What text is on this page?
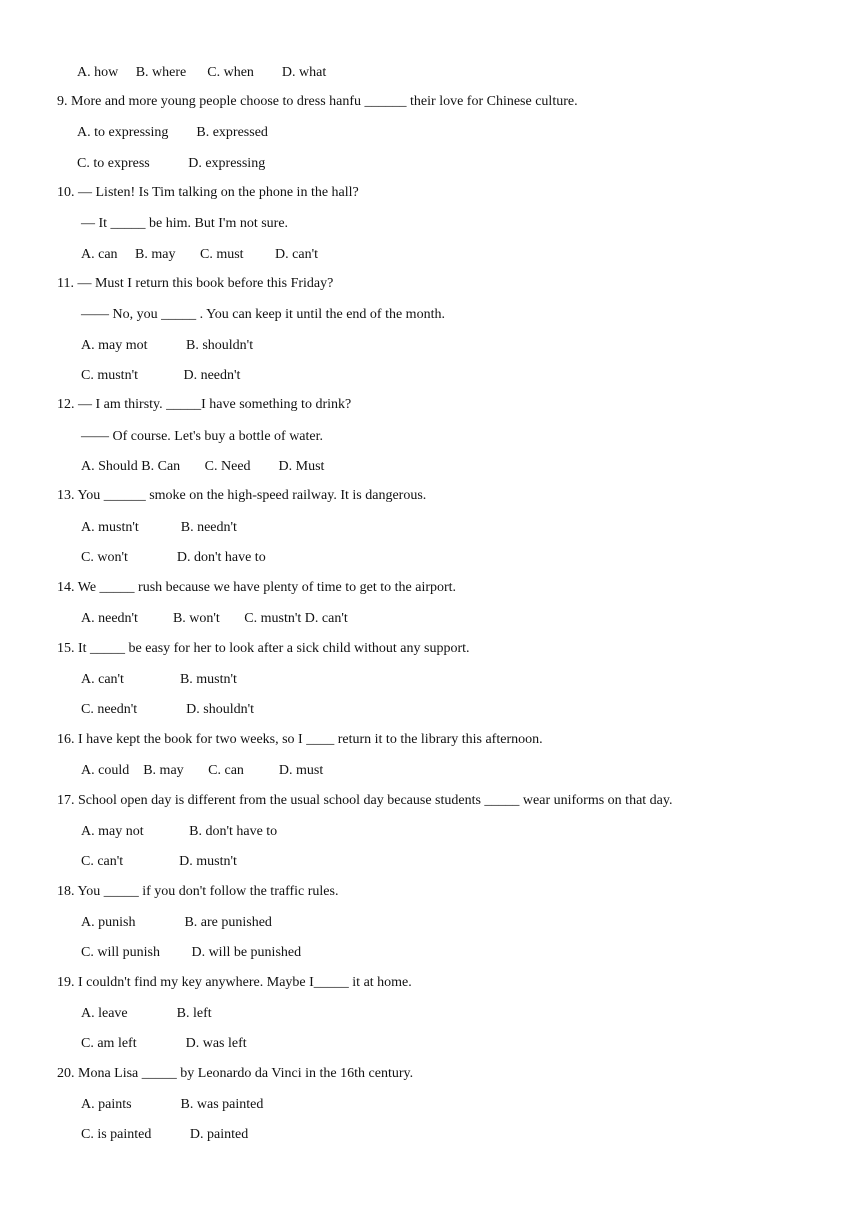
A. how     B. where      C. when        D. what
9. More and more young people choose to dress hanfu ______ their love for Chinese culture.
A. to expressing        B. expressed
C. to express           D. expressing
10. — Listen! Is Tim talking on the phone in the hall?
— It _____ be him. But I'm not sure.
A. can     B. may       C. must         D. can't
11. — Must I return this book before this Friday?
—— No, you _____ . You can keep it until the end of the month.
A. may mot           B. shouldn't
C. mustn't             D. needn't
12. — I am thirsty. _____I have something to drink?
—— Of course. Let's buy a bottle of water.
A. Should B. Can       C. Need        D. Must
13. You ______ smoke on the high-speed railway. It is dangerous.
A. mustn't            B. needn't
C. won't              D. don't have to
14. We _____ rush because we have plenty of time to get to the airport.
A. needn't          B. won't       C. mustn't D. can't
15. It _____ be easy for her to look after a sick child without any support.
A. can't                B. mustn't
C. needn't              D. shouldn't
16. I have kept the book for two weeks, so I ____ return it to the library this afternoon.
A. could    B. may       C. can          D. must
17. School open day is different from the usual school day because students _____ wear uniforms on that day.
A. may not             B. don't have to
C. can't                D. mustn't
18. You _____ if you don't follow the traffic rules.
A. punish              B. are punished
C. will punish         D. will be punished
19. I couldn't find my key anywhere. Maybe I_____ it at home.
A. leave              B. left
C. am left              D. was left
20. Mona Lisa _____ by Leonardo da Vinci in the 16th century.
A. paints              B. was painted
C. is painted           D. painted
